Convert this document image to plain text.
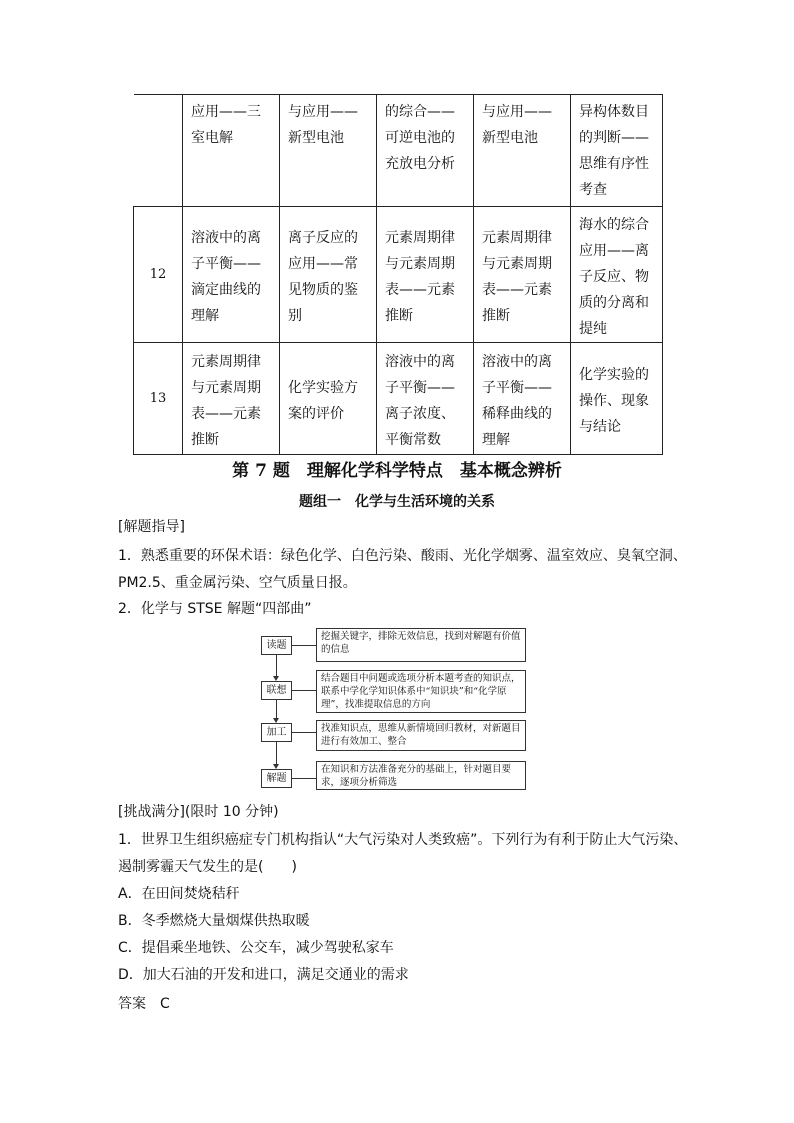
	应用——三室电解	与应用——新型电池	的综合——可逆电池的充放电分析	与应用——新型电池	异构体数目的判断——思维有序性考查
12	溶液中的离子平衡——滴定曲线的理解	离子反应的应用——常见物质的鉴别	元素周期律与元素周期表——元素推断	元素周期律与元素周期表——元素推断	海水的综合应用——离子反应、物质的分离和提纯
13	元素周期律与元素周期表——元素推断	化学实验方案的评价	溶液中的离子平衡——离子浓度、平衡常数	溶液中的离子平衡——稀释曲线的理解	化学实验的操作、现象与结论
第 7 题　理解化学科学特点　基本概念辨析
题组一　化学与生活环境的关系

[解题指导]

1．熟悉重要的环保术语：绿色化学、白色污染、酸雨、光化学烟雾、温室效应、臭氧空洞、

PM2.5、重金属污染、空气质量日报。

2．化学与 STSE 解题“四部曲”

读题
挖掘关键字，排除无效信息，找到对解题有价值的信息
联想
结合题目中问题或选项分析本题考查的知识点，联系中学化学知识体系中“知识块”和“化学原理”，找准提取信息的方向
加工	找准知识点，思维从新情境回归教材，对新题目进行有效加工、整合
解题
在知识和方法准备充分的基础上，针对题目要求，逐项分析筛选

[挑战满分](限时 10 分钟)

1．世界卫生组织癌症专门机构指认“大气污染对人类致癌”。下列行为有利于防止大气污染、

遏制雾霾天气发生的是(　　)

A．在田间焚烧秸秆

B．冬季燃烧大量烟煤供热取暖

C．提倡乘坐地铁、公交车，减少驾驶私家车

D．加大石油的开发和进口，满足交通业的需求

答案　C
